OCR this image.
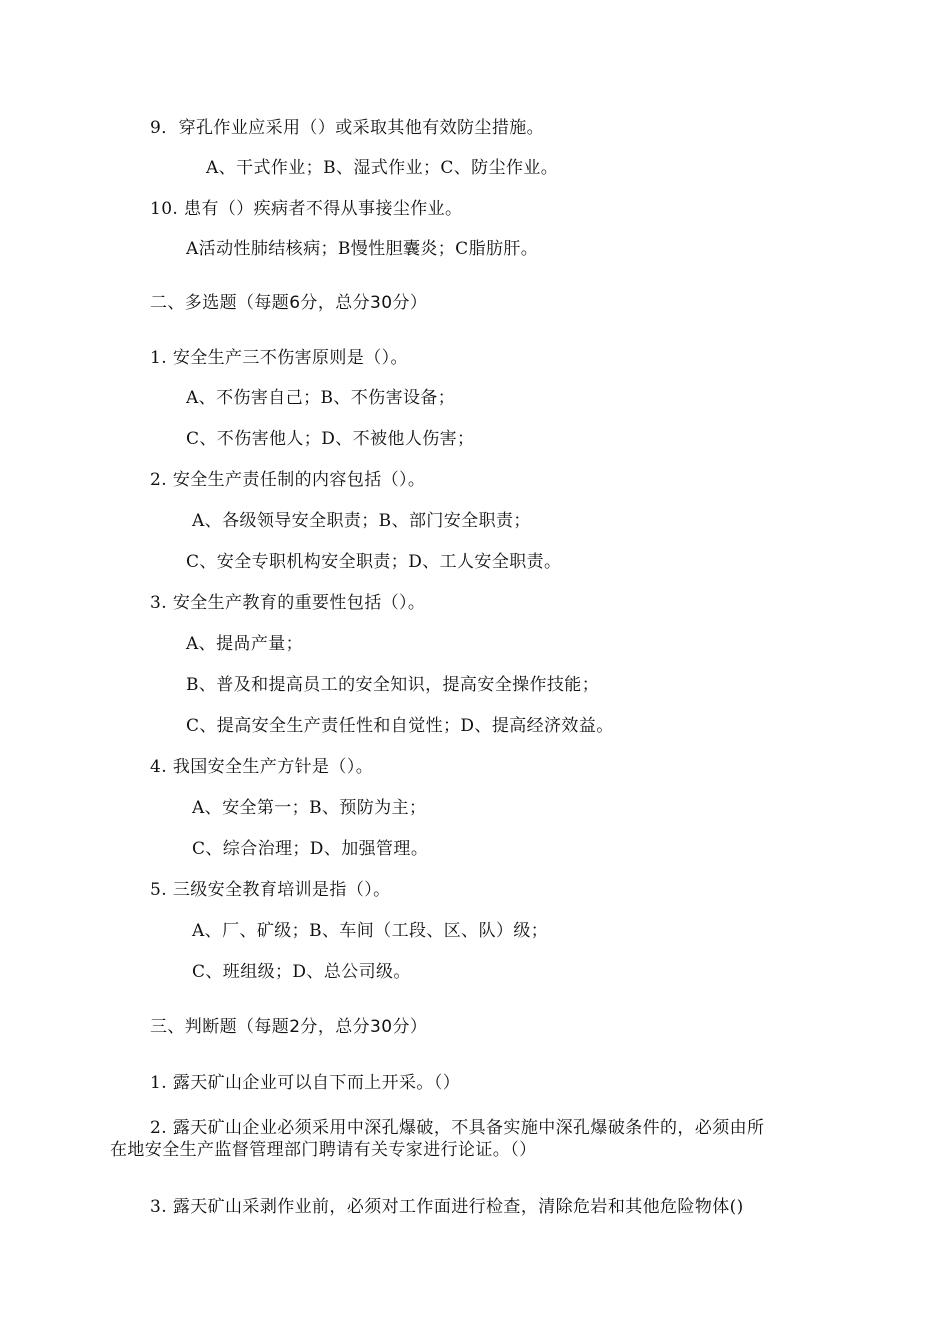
9．穿孔作业应采用（）或采取其他有效防尘措施。
A、干式作业；B、湿式作业；C、防尘作业。
10. 患有（）疾病者不得从事接尘作业。
A活动性肺结核病；B慢性胆囊炎；C脂肪肝。
二、多选题（每题6分，总分30分）
1. 安全生产三不伤害原则是（）。
A、不伤害自己；B、不伤害设备；
C、不伤害他人；D、不被他人伤害；
2. 安全生产责任制的内容包括（）。
A、各级领导安全职责；B、部门安全职责；
C、安全专职机构安全职责；D、工人安全职责。
3. 安全生产教育的重要性包括（）。
A、提咼产量；
B、普及和提高员工的安全知识，提高安全操作技能；
C、提高安全生产责任性和自觉性；D、提高经济效益。
4. 我国安全生产方针是（）。
A、安全第一；B、预防为主；
C、综合治理；D、加强管理。
5. 三级安全教育培训是指（）。
A、厂、矿级；B、车间（工段、区、队）级；
C、班组级；D、总公司级。
三、判断题（每题2分，总分30分）
1. 露天矿山企业可以自下而上开采。（）
2. 露天矿山企业必须采用中深孔爆破，不具备实施中深孔爆破条件的，必须由所
在地安全生产监督管理部门聘请有关专家进行论证。（）
3. 露天矿山采剥作业前，必须对工作面进行检查，清除危岩和其他危险物体()
